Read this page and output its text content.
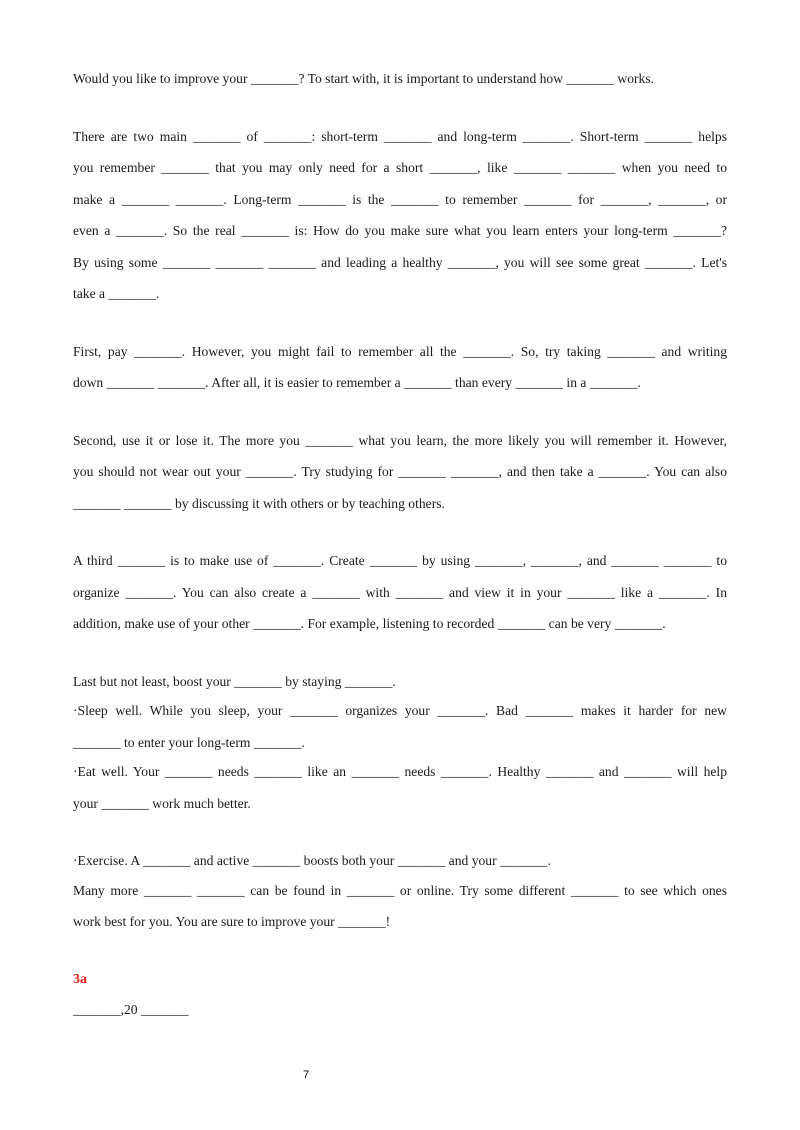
Would you like to improve your _______? To start with, it is important to understand how _______ works.
There are two main _______ of _______: short-term _______ and long-term _______. Short-term _______ helps
you remember _______ that you may only need for a short _______, like _______ _______ when you need to
make a _______ _______. Long-term _______ is the _______ to remember _______ for _______, _______, or
even a _______. So the real _______ is: How do you make sure what you learn enters your long-term _______?
By using some _______ _______ _______ and leading a healthy _______, you will see some great _______. Let's
take a _______.
First, pay _______. However, you might fail to remember all the _______. So, try taking _______ and writing
down _______ _______. After all, it is easier to remember a _______ than every _______ in a _______.
Second, use it or lose it. The more you _______ what you learn, the more likely you will remember it. However,
you should not wear out your _______. Try studying for _______ _______, and then take a _______. You can also
_______ _______ by discussing it with others or by teaching others.
A third _______ is to make use of _______. Create _______ by using _______, _______, and _______ _______ to
organize _______. You can also create a _______ with _______ and view it in your _______ like a _______. In
addition, make use of your other _______. For example, listening to recorded _______ can be very _______.
Last but not least, boost your _______ by staying _______.
·Sleep well. While you sleep, your _______ organizes your _______. Bad _______ makes it harder for new
_______ to enter your long-term _______.
·Eat well. Your _______ needs _______ like an _______ needs _______. Healthy _______ and _______ will help
your _______ work much better.
·Exercise. A _______ and active _______ boosts both your _______ and your _______.
Many more _______ _______ can be found in _______ or online. Try some different _______ to see which ones
work best for you. You are sure to improve your _______!
3a
_______,20 _______
7
